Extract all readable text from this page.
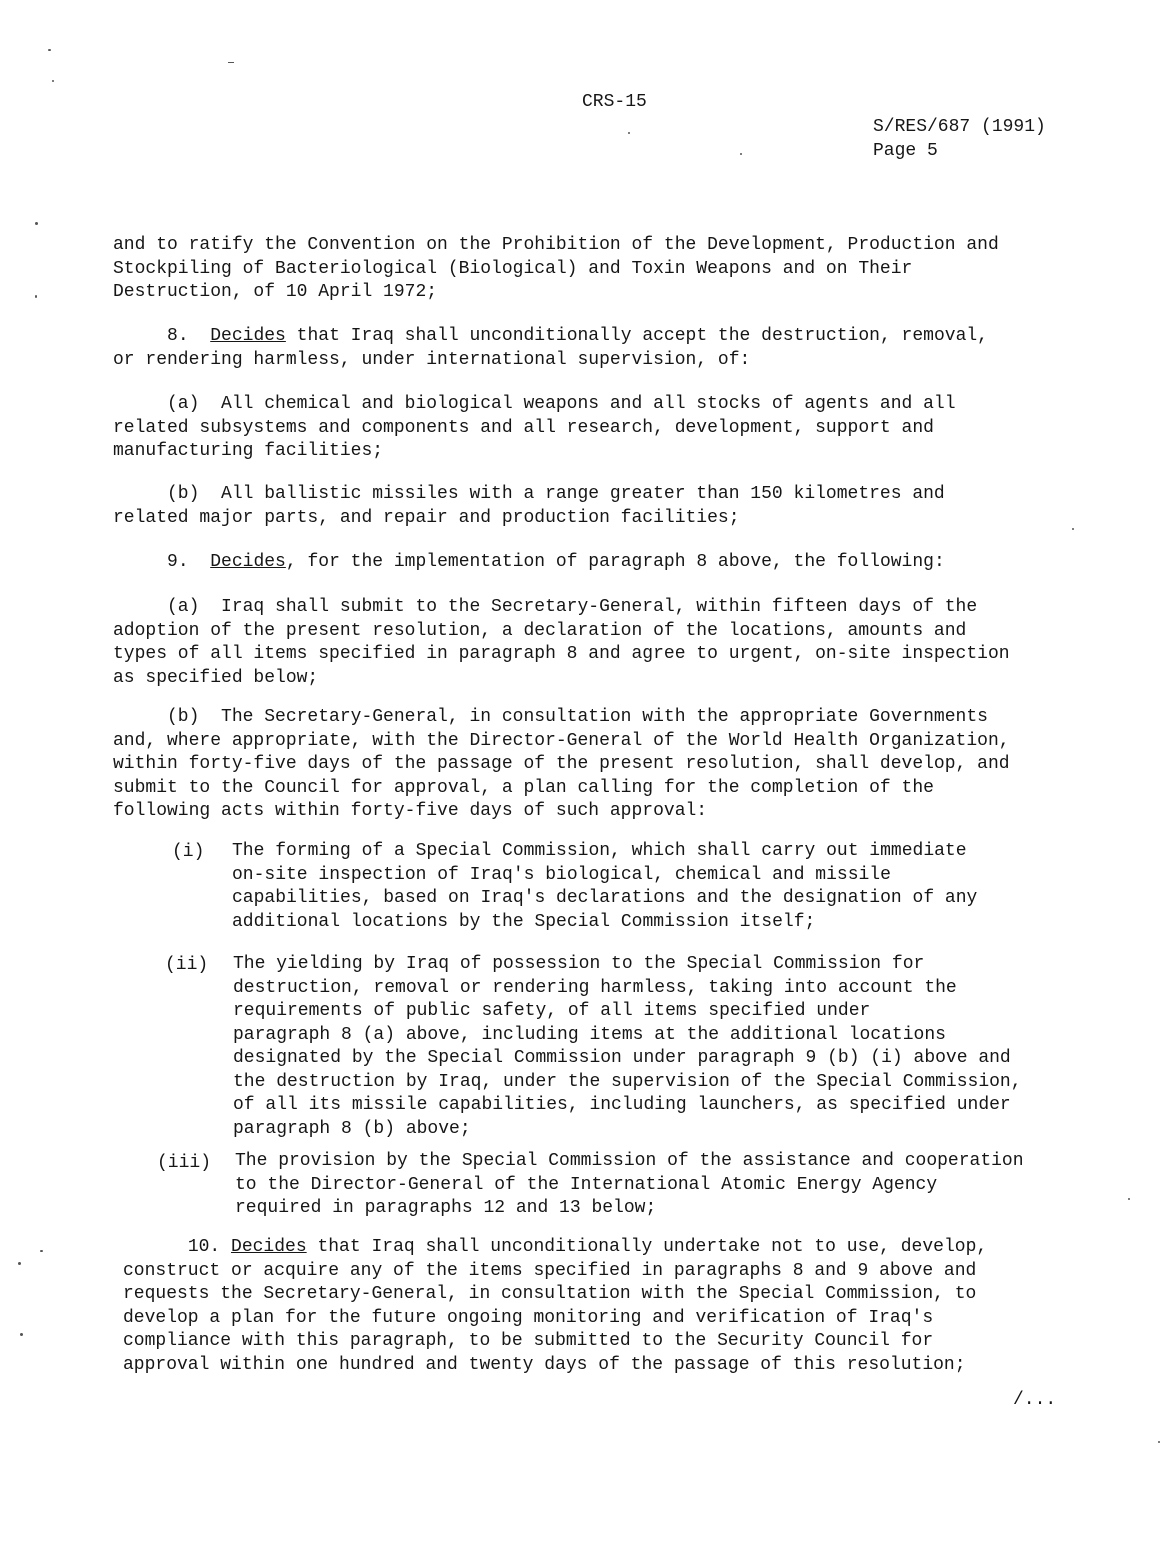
CRS-15
S/RES/687 (1991)
Page 5
and to ratify the Convention on the Prohibition of the Development, Production and
Stockpiling of Bacteriological (Biological) and Toxin Weapons and on Their
Destruction, of 10 April 1972;
8. Decides that Iraq shall unconditionally accept the destruction, removal,
or rendering harmless, under international supervision, of:
(a)  All chemical and biological weapons and all stocks of agents and all
related subsystems and components and all research, development, support and
manufacturing facilities;
(b)  All ballistic missiles with a range greater than 150 kilometres and
related major parts, and repair and production facilities;
9. Decides, for the implementation of paragraph 8 above, the following:
(a)  Iraq shall submit to the Secretary-General, within fifteen days of the
adoption of the present resolution, a declaration of the locations, amounts and
types of all items specified in paragraph 8 and agree to urgent, on-site inspection
as specified below;
(b)  The Secretary-General, in consultation with the appropriate Governments
and, where appropriate, with the Director-General of the World Health Organization,
within forty-five days of the passage of the present resolution, shall develop, and
submit to the Council for approval, a plan calling for the completion of the
following acts within forty-five days of such approval:
(i) The forming of a Special Commission, which shall carry out immediate
on-site inspection of Iraq's biological, chemical and missile
capabilities, based on Iraq's declarations and the designation of any
additional locations by the Special Commission itself;
(ii) The yielding by Iraq of possession to the Special Commission for
destruction, removal or rendering harmless, taking into account the
requirements of public safety, of all items specified under
paragraph 8 (a) above, including items at the additional locations
designated by the Special Commission under paragraph 9 (b) (i) above and
the destruction by Iraq, under the supervision of the Special Commission,
of all its missile capabilities, including launchers, as specified under
paragraph 8 (b) above;
(iii) The provision by the Special Commission of the assistance and cooperation
to the Director-General of the International Atomic Energy Agency
required in paragraphs 12 and 13 below;
10. Decides that Iraq shall unconditionally undertake not to use, develop,
construct or acquire any of the items specified in paragraphs 8 and 9 above and
requests the Secretary-General, in consultation with the Special Commission, to
develop a plan for the future ongoing monitoring and verification of Iraq's
compliance with this paragraph, to be submitted to the Security Council for
approval within one hundred and twenty days of the passage of this resolution;
/...
